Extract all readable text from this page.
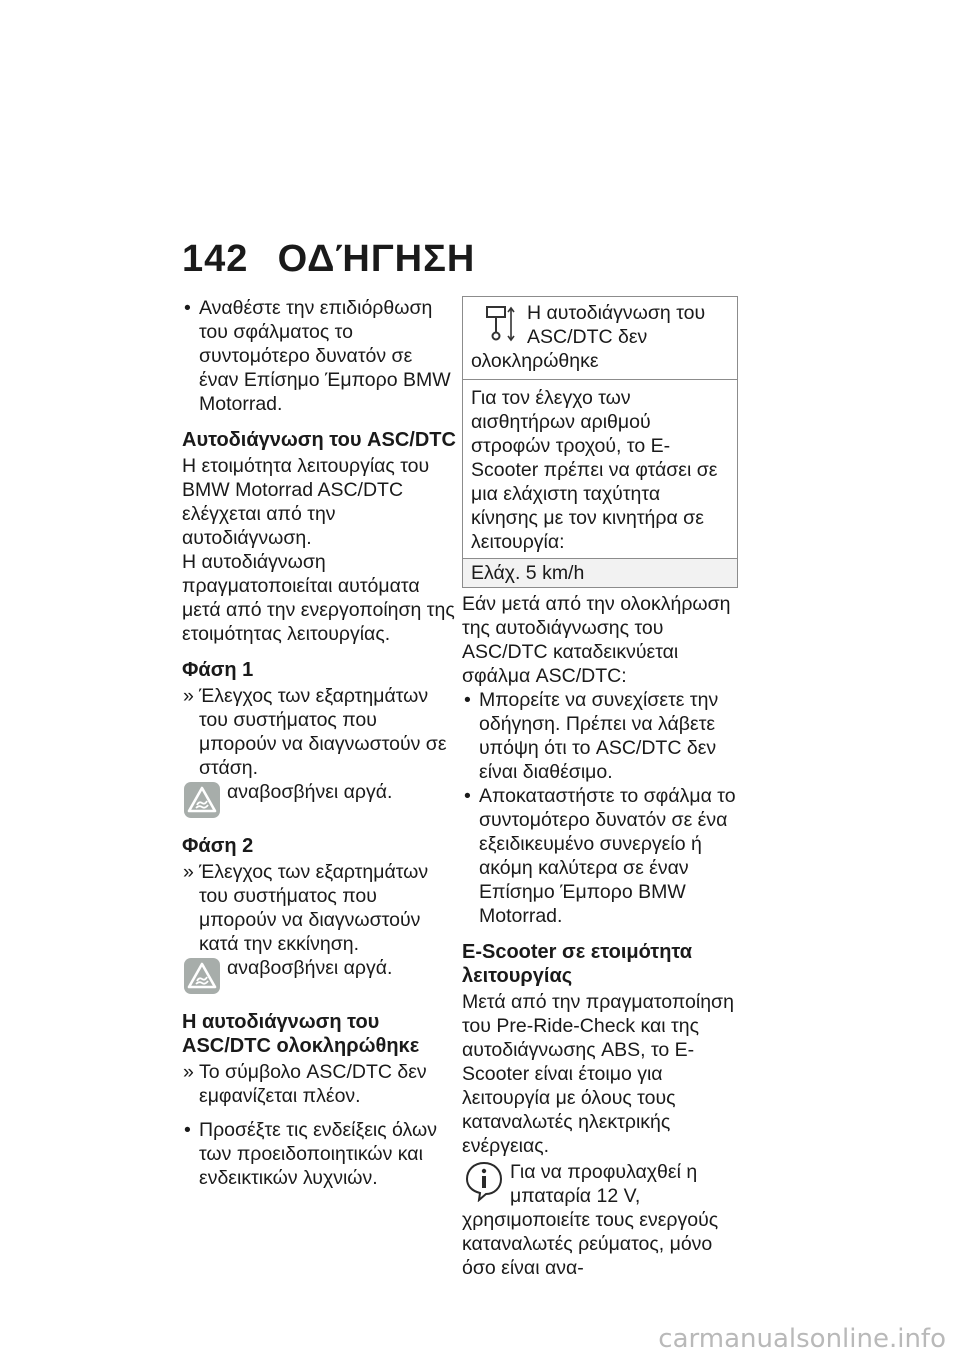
142 ΟΔΉΓΗΣΗ

• Αναθέστε την επιδιόρθωση του σφάλματος το συντομότερο δυνατόν σε έναν Επίσημο Έμπορο BMW Motorrad.

Αυτοδιάγνωση του ASC/DTC

Η ετοιμότητα λειτουργίας του BMW Motorrad ASC/DTC ελέγχεται από την αυτοδιάγνωση.

Η αυτοδιάγνωση πραγματοποιείται αυτόματα μετά από την ενεργοποίηση της ετοιμότητας λειτουργίας.

Φάση 1

» Έλεγχος των εξαρτημάτων του συστήματος που μπορούν να διαγνωστούν σε στάση.

αναβοσβήνει αργά.
Φάση 2

» Έλεγχος των εξαρτημάτων του συστήματος που μπορούν να διαγνωστούν κατά την εκκίνηση.

αναβοσβήνει αργά.
Η αυτοδιάγνωση του ASC/DTC ολοκληρώθηκε

» Το σύμβολο ASC/DTC δεν εμφανίζεται πλέον.

• Προσέξτε τις ενδείξεις όλων των προειδοποιητικών και ενδεικτικών λυχνιών.

Η αυτοδιάγνωση του ASC/DTC δεν ολοκληρώθηκε
Για τον έλεγχο των αισθητήρων αριθμού στροφών τροχού, το E-Scooter πρέπει να φτάσει σε μια ελάχιστη ταχύτητα κίνησης με τον κινητήρα σε λειτουργία:
Ελάχ. 5 km/h

Εάν μετά από την ολοκλήρωση της αυτοδιάγνωσης του ASC/DTC καταδεικνύεται σφάλμα ASC/DTC:

• Μπορείτε να συνεχίσετε την οδήγηση. Πρέπει να λάβετε υπόψη ότι το ASC/DTC δεν είναι διαθέσιμο.

• Αποκαταστήστε το σφάλμα το συντομότερο δυνατόν σε ένα εξειδικευμένο συνεργείο ή ακόμη καλύτερα σε έναν Επίσημο Έμπορο BMW Motorrad.

E-Scooter σε ετοιμότητα λειτουργίας

Μετά από την πραγματοποίηση του Pre-Ride-Check και της αυτοδιάγνωσης ABS, το E-Scooter είναι έτοιμο για λειτουργία με όλους τους καταναλωτές ηλεκτρικής ενέργειας.

Για να προφυλαχθεί η μπαταρία 12 V, χρησιμοποιείτε τους ενεργούς καταναλωτές ρεύματος, μόνο όσο είναι ανα-
carmanualsonline.info
